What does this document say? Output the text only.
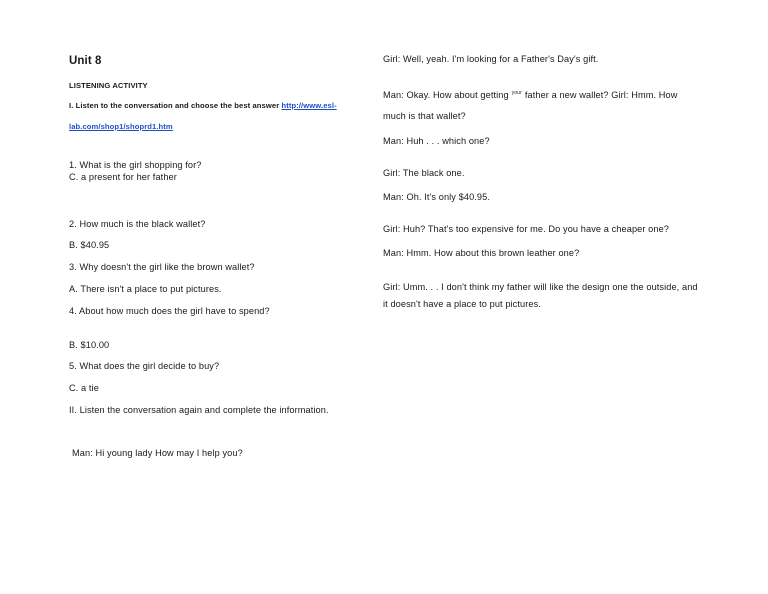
Unit 8
LISTENING ACTIVITY
I. Listen to the conversation and choose the best answer http://www.esl-
lab.com/shop1/shoprd1.htm
1. What is the girl shopping for?
C. a present for her father
2. How much is the black wallet?
B. $40.95
3. Why doesn't the girl like the brown wallet?
A. There isn't a place to put pictures.
4. About how much does the girl have to spend?
B. $10.00
5. What does the girl decide to buy?
C. a tie
II. Listen the conversation again and complete the information.
Man: Hi young lady How may I help you?
Girl: Well, yeah. I'm looking for a Father's Day's gift.
Man: Okay. How about getting $^{your}$ father a new wallet? Girl: Hmm. How
much is that wallet?
Man: Huh . . . which one?
Girl: The black one.
Man: Oh. It's only $40.95.
Girl: Huh? That's too expensive for me. Do you have a cheaper one?
Man: Hmm. How about this brown leather one?
Girl: Umm. . . I don't think my father will like the design one the outside, and
it doesn't have a place to put pictures.
